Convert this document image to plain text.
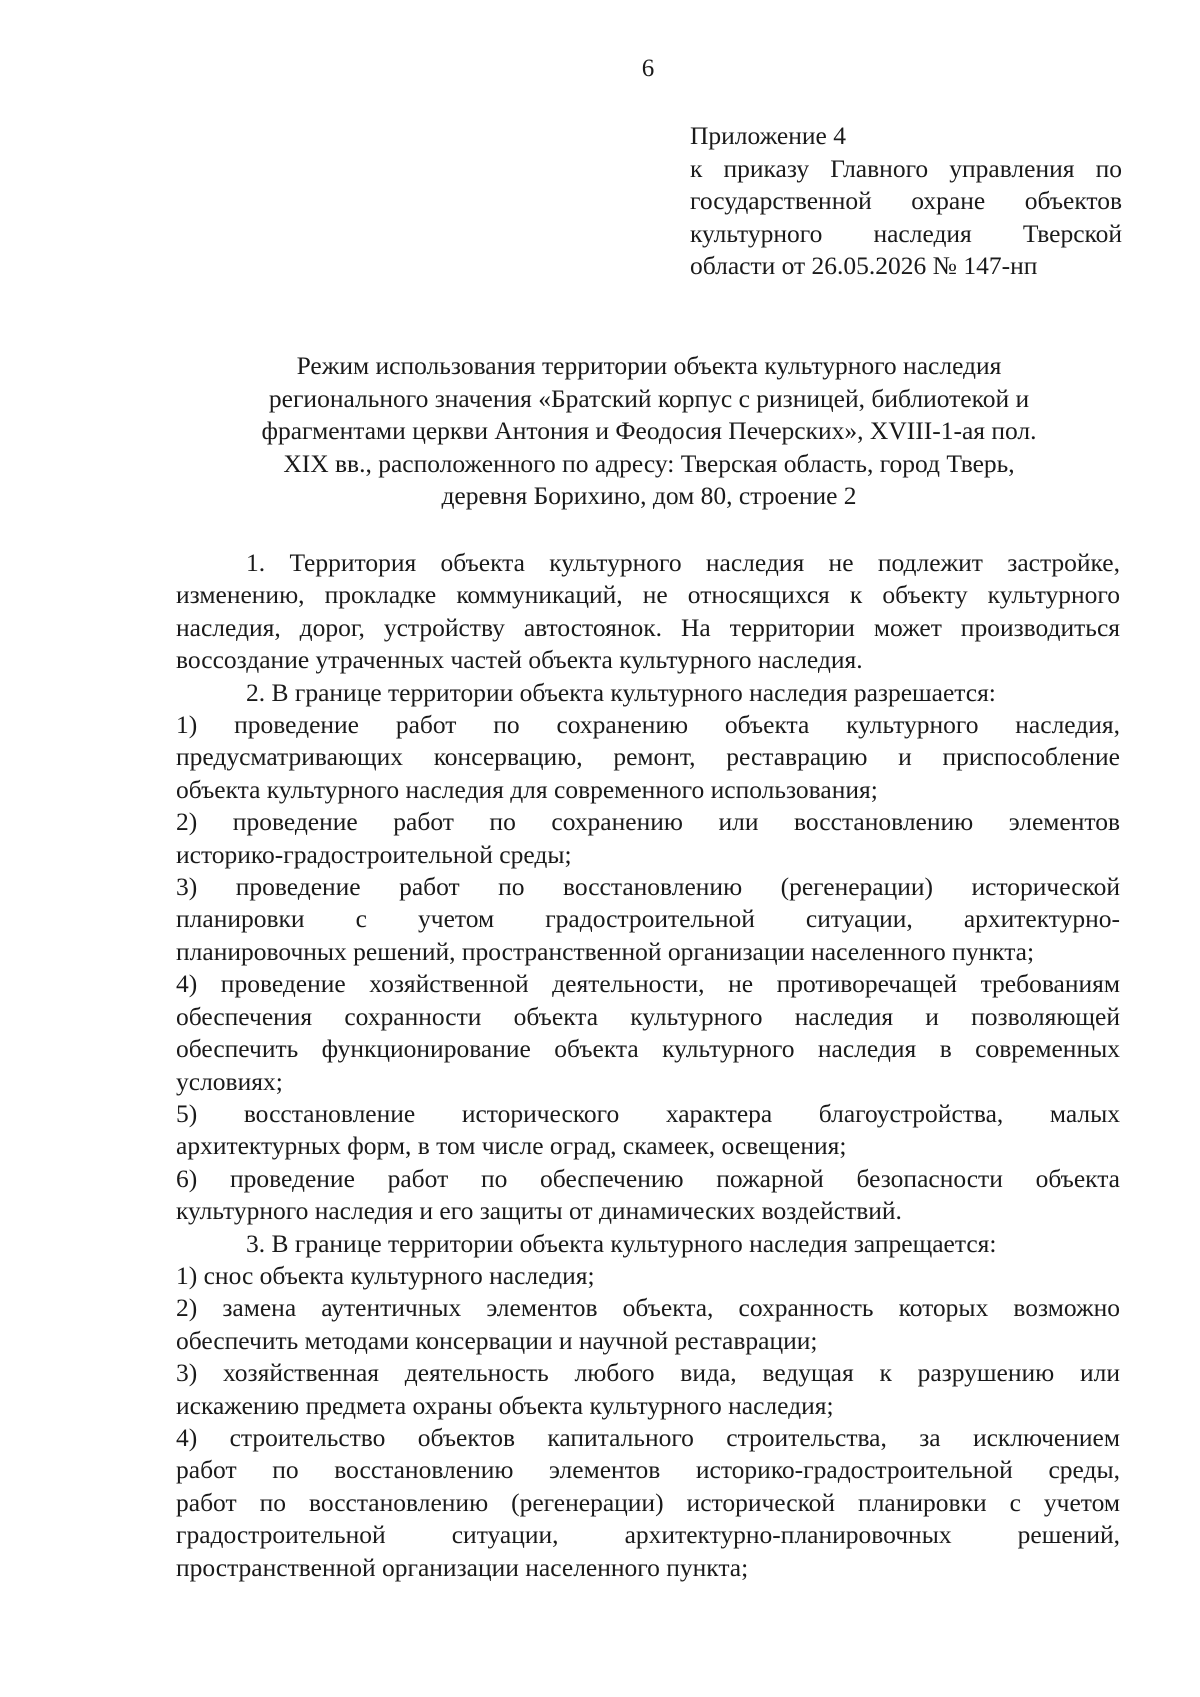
6
Приложение 4
к приказу Главного управления по
государственной охране объектов
культурного наследия Тверской
области от 26.05.2026 № 147-нп
Режим использования территории объекта культурного наследия
регионального значения «Братский корпус с ризницей, библиотекой и
фрагментами церкви Антония и Феодосия Печерских», XVIII-1-ая пол.
XIX вв., расположенного по адресу: Тверская область, город Тверь,
деревня Борихино, дом 80, строение 2
1. Территория объекта культурного наследия не подлежит застройке,
изменению, прокладке коммуникаций, не относящихся к объекту культурного
наследия, дорог, устройству автостоянок. На территории может производиться
воссоздание утраченных частей объекта культурного наследия.
2. В границе территории объекта культурного наследия разрешается:
1) проведение работ по сохранению объекта культурного наследия,
предусматривающих консервацию, ремонт, реставрацию и приспособление
объекта культурного наследия для современного использования;
2) проведение работ по сохранению или восстановлению элементов
историко-градостроительной среды;
3) проведение работ по восстановлению (регенерации) исторической
планировки с учетом градостроительной ситуации, архитектурно-
планировочных решений, пространственной организации населенного пункта;
4) проведение хозяйственной деятельности, не противоречащей требованиям
обеспечения сохранности объекта культурного наследия и позволяющей
обеспечить функционирование объекта культурного наследия в современных
условиях;
5) восстановление исторического характера благоустройства, малых
архитектурных форм, в том числе оград, скамеек, освещения;
6) проведение работ по обеспечению пожарной безопасности объекта
культурного наследия и его защиты от динамических воздействий.
3. В границе территории объекта культурного наследия запрещается:
1) снос объекта культурного наследия;
2) замена аутентичных элементов объекта, сохранность которых возможно
обеспечить методами консервации и научной реставрации;
3) хозяйственная деятельность любого вида, ведущая к разрушению или
искажению предмета охраны объекта культурного наследия;
4) строительство объектов капитального строительства, за исключением
работ по восстановлению элементов историко-градостроительной среды,
работ по восстановлению (регенерации) исторической планировки с учетом
градостроительной ситуации, архитектурно-планировочных решений,
пространственной организации населенного пункта;
